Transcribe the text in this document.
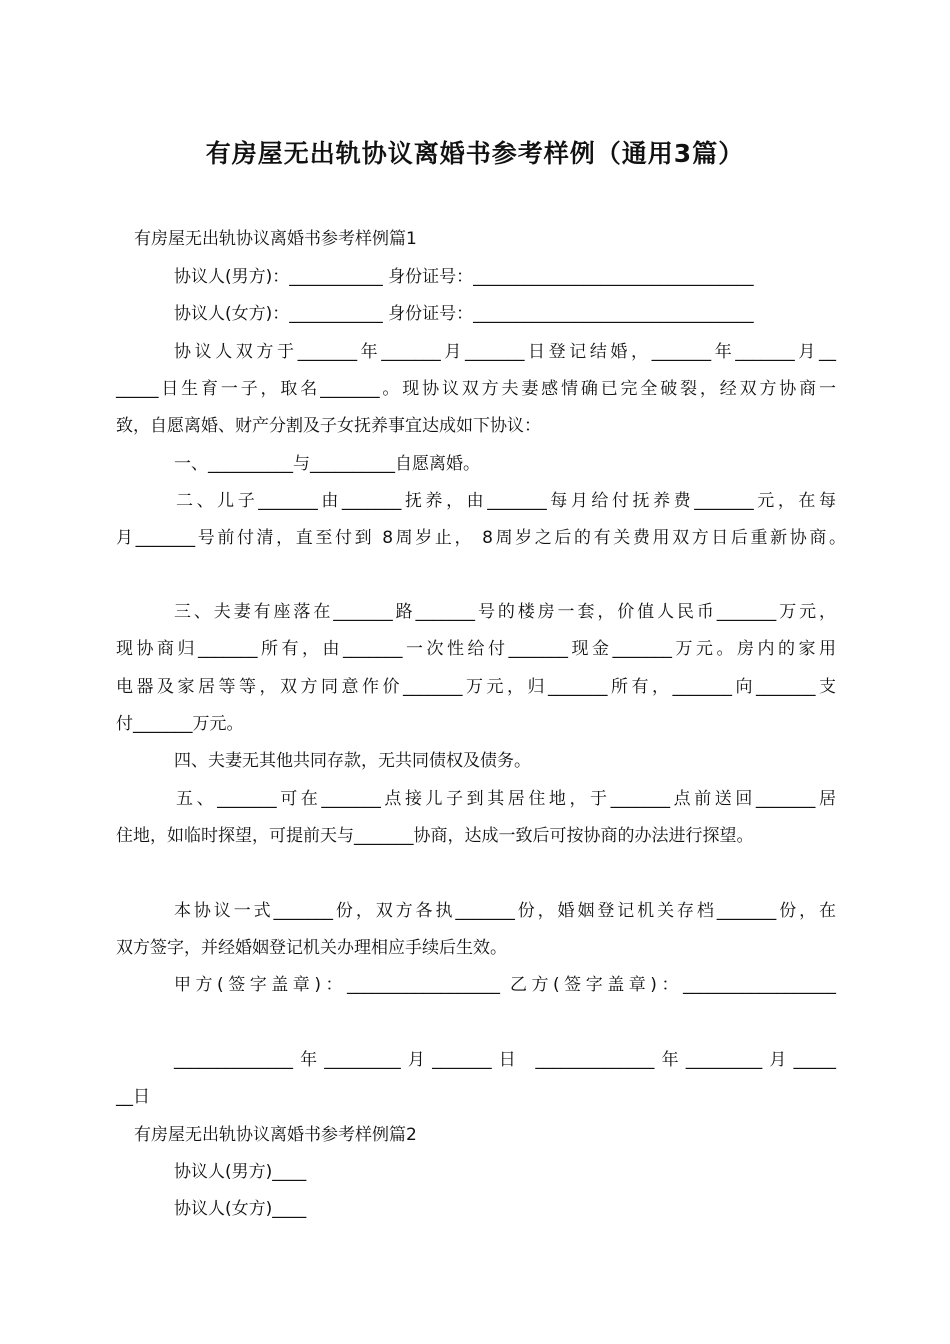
有房屋无出轨协议离婚书参考样例（通用3篇）
有房屋无出轨协议离婚书参考样例篇1
协议人(男方)：___________ 身份证号：_________________________________
协议人(女方)：___________ 身份证号：_________________________________
协议人双方于_______年_______月_______日登记结婚，_______年_______月__
_____日生育一子，取名_______。现协议双方夫妻感情确已完全破裂，经双方协商一
致，自愿离婚、财产分割及子女抚养事宜达成如下协议：
一、__________与__________自愿离婚。
二、儿子_______由_______抚养，由_______每月给付抚养费_______元，在每
月_______号前付清，直至付到 8周岁止， 8周岁之后的有关费用双方日后重新协商。
三、夫妻有座落在_______路_______号的楼房一套，价值人民币_______万元，
现协商归_______所有，由_______一次性给付_______现金_______万元。房内的家用
电器及家居等等，双方同意作价_______万元，归_______所有，_______向_______支
付_______万元。
四、夫妻无其他共同存款，无共同债权及债务。
五、_______可在_______点接儿子到其居住地，于_______点前送回_______居
住地，如临时探望，可提前天与_______协商，达成一致后可按协商的办法进行探望。
本协议一式_______份，双方各执_______份，婚姻登记机关存档_______份，在
双方签字，并经婚姻登记机关办理相应手续后生效。
甲方(签字盖章)：__________________ 乙方(签字盖章)：__________________
______________年_________月_______日 ______________年_________月_____
__日
有房屋无出轨协议离婚书参考样例篇2
协议人(男方)____
协议人(女方)____
